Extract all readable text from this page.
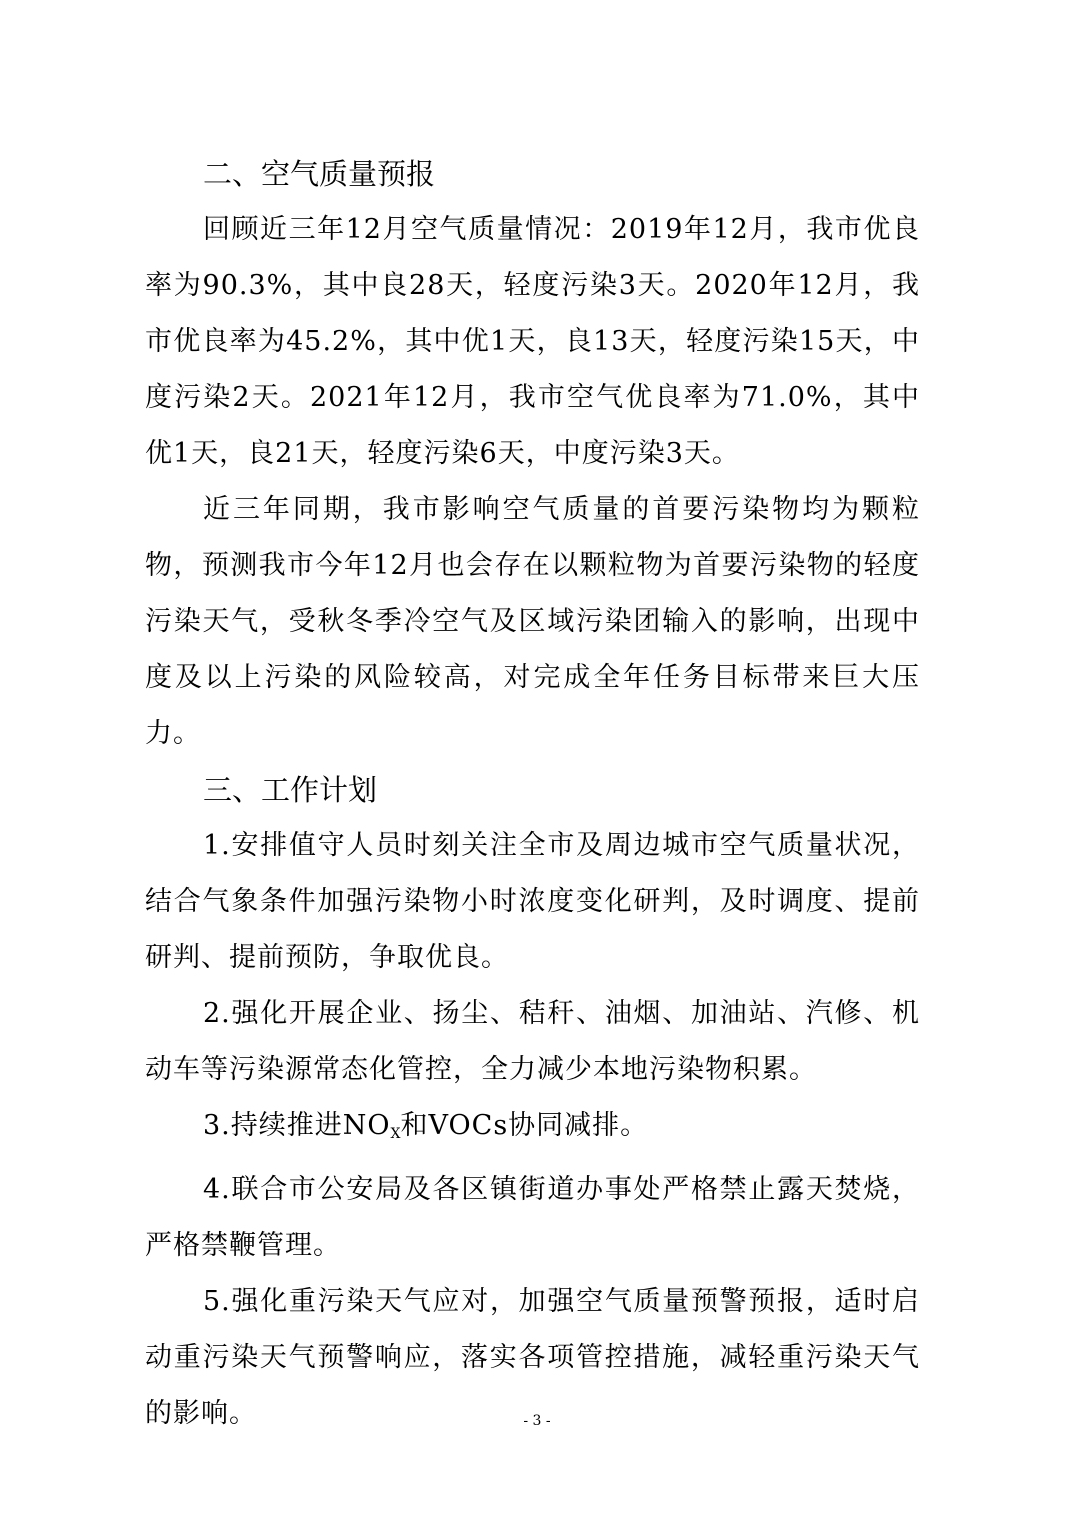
二、空气质量预报

回顾近三年12月空气质量情况：2019年12月，我市优良率为90.3%，其中良28天，轻度污染3天。2020年12月，我市优良率为45.2%，其中优1天，良13天，轻度污染15天，中度污染2天。2021年12月，我市空气优良率为71.0%，其中优1天，良21天，轻度污染6天，中度污染3天。

近三年同期，我市影响空气质量的首要污染物均为颗粒物，预测我市今年12月也会存在以颗粒物为首要污染物的轻度污染天气，受秋冬季冷空气及区域污染团输入的影响，出现中度及以上污染的风险较高，对完成全年任务目标带来巨大压力。

三、工作计划

1.安排值守人员时刻关注全市及周边城市空气质量状况，结合气象条件加强污染物小时浓度变化研判，及时调度、提前研判、提前预防，争取优良。

2.强化开展企业、扬尘、秸秆、油烟、加油站、汽修、机动车等污染源常态化管控，全力减少本地污染物积累。

3.持续推进$NO_X$和VOCs协同减排。

4.联合市公安局及各区镇街道办事处严格禁止露天焚烧，严格禁鞭管理。

5.强化重污染天气应对，加强空气质量预警预报，适时启动重污染天气预警响应，落实各项管控措施，减轻重污染天气的影响。	- 3 -
